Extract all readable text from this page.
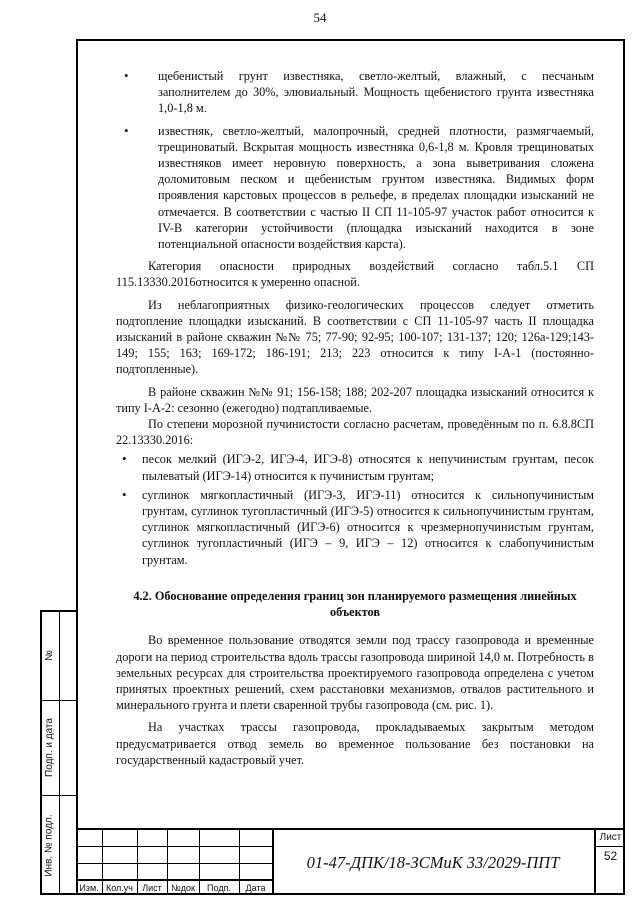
54
• щебенистый грунт известняка, светло-желтый, влажный, с песчаным заполнителем до 30%, элювиальный. Мощность щебенистого грунта известняка 1,0-1,8 м.
• известняк, светло-желтый, малопрочный, средней плотности, размягчаемый, трещиноватый. Вскрытая мощность известняка 0,6-1,8 м. Кровля трещиноватых известняков имеет неровную поверхность, а зона выветривания сложена доломитовым песком и щебенистым грунтом известняка. Видимых форм проявления карстовых процессов в рельефе, в пределах площадки изысканий не отмечается. В соответствии с частью II СП 11-105-97 участок работ относится к IV-В категории устойчивости (площадка изысканий находится в зоне потенциальной опасности воздействия карста).

Категория опасности природных воздействий согласно табл.5.1 СП 115.13330.2016относится к умеренно опасной.

Из неблагоприятных физико-геологических процессов следует отметить подтопление площадки изысканий. В соответствии с СП 11-105-97 часть II площадка изысканий в районе скважин №№ 75; 77-90; 92-95; 100-107; 131-137; 120; 126а-129;143-149; 155; 163; 169-172; 186-191; 213; 223 относится к типу I-А-1 (постоянно-подтопленные).

В районе скважин №№ 91; 156-158; 188; 202-207 площадка изысканий относится к типу I-А-2: сезонно (ежегодно) подтапливаемые.

По степени морозной пучинистости согласно расчетам, проведённым по п. 6.8.8СП 22.13330.2016:

• песок мелкий (ИГЭ-2, ИГЭ-4, ИГЭ-8) относятся к непучинистым грунтам, песок пылеватый (ИГЭ-14) относится к пучинистым грунтам;
• суглинок мягкопластичный (ИГЭ-3, ИГЭ-11) относится к сильнопучинистым грунтам, суглинок тугопластичный (ИГЭ-5) относится к сильнопучинистым грунтам, суглинок мягкопластичный (ИГЭ-6) относится к чрезмернопучинистым грунтам, суглинок тугопластичный (ИГЭ – 9, ИГЭ – 12) относится к слабопучинистым грунтам.

4.2. Обоснование определения границ зон планируемого размещения линейных объектов

Во временное пользование отводятся земли под трассу газопровода и временные дороги на период строительства вдоль трассы газопровода шириной 14,0 м. Потребность в земельных ресурсах для строительства проектируемого газопровода определена с учетом принятых проектных решений, схем расстановки механизмов, отвалов растительного и минерального грунта и плети сваренной трубы газопровода (см. рис. 1).

На участках трассы газопровода, прокладываемых закрытым методом предусматривается отвод земель во временное пользование без постановки на государственный кадастровый учет.

№
Подп. и дата
Инв. № подл.
Изм. Кол.уч	Лист	№док	Подп.	Дата
01-47-ДПК/18-ЗСМиК 33/2029-ППТ
Лист
52
